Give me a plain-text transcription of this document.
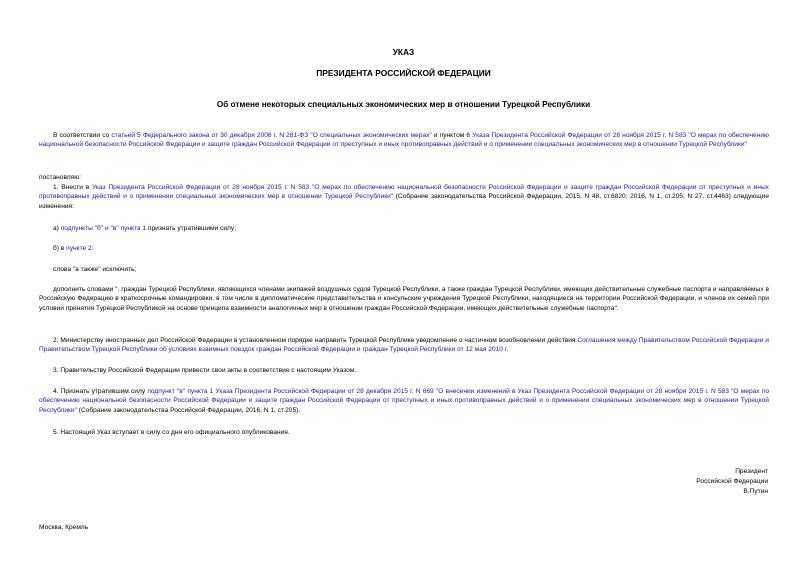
УКАЗ
ПРЕЗИДЕНТА РОССИЙСКОЙ ФЕДЕРАЦИИ
Об отмене некоторых специальных экономических мер в отношении Турецкой Республики
В соответствии со статьей 5 Федерального закона от 30 декабря 2006 г. N 281-ФЗ "О специальных экономических мерах" и пунктом 6 Указа Президента Российской Федерации от 28 ноября 2015 г. N 583 "О мерах по обеспечению национальной безопасности Российской Федерации и защите граждан Российской Федерации от преступных и иных противоправных действий и о применении специальных экономических мер в отношении Турецкой Республики"
постановляю:
1. Внести в Указ Президента Российской Федерации от 28 ноября 2015 г. N 583 "О мерах по обеспечению национальной безопасности Российской Федерации и защите граждан Российской Федерации от преступных и иных противоправных действий и о применении специальных экономических мер в отношении Турецкой Республики" (Собрание законодательства Российской Федерации, 2015, N 48, ст.6820; 2016, N 1, ст.205; N 27, ст.4463) следующие изменения:
а) подпункты "б" и "в" пункта 1 признать утратившими силу;
б) в пункте 2:
слова "а также" исключить;
дополнить словами ", граждан Турецкой Республики, являющихся членами экипажей воздушных судов Турецкой Республики, а также граждан Турецкой Республики, имеющих действительные служебные паспорта и направляемых в Российскую Федерацию в краткосрочные командировки, в том числе в дипломатические представительства и консульские учреждения Турецкой Республики, находящиеся на территории Российской Федерации, и членов их семей при условии принятия Турецкой Республикой на основе принципа взаимности аналогичных мер в отношении граждан Российской Федерации, имеющих действительные служебные паспорта".
2. Министерству иностранных дел Российской Федерации в установленном порядке направить Турецкой Республике уведомление о частичном возобновлении действия Соглашения между Правительством Российской Федерации и Правительством Турецкой Республики об условиях взаимных поездок граждан Российской Федерации и граждан Турецкой Республики от 12 мая 2010 г.
3. Правительству Российской Федерации привести свои акты в соответствие с настоящим Указом.
4. Признать утратившим силу подпункт "в" пункта 1 Указа Президента Российской Федерации от 28 декабря 2015 г. N 669 "О внесении изменений в Указ Президента Российской Федерации от 28 ноября 2015 г. N 583 "О мерах по обеспечению национальной безопасности Российской Федерации и защите граждан Российской Федерации от преступных и иных противоправных действий и о применении специальных экономических мер в отношении Турецкой Республики" (Собрание законодательства Российской Федерации, 2016, N 1, ст.205).
5. Настоящий Указ вступает в силу со дня его официального опубликования.
Президент
Российской Федерации
В.Путин
Москва, Кремль
